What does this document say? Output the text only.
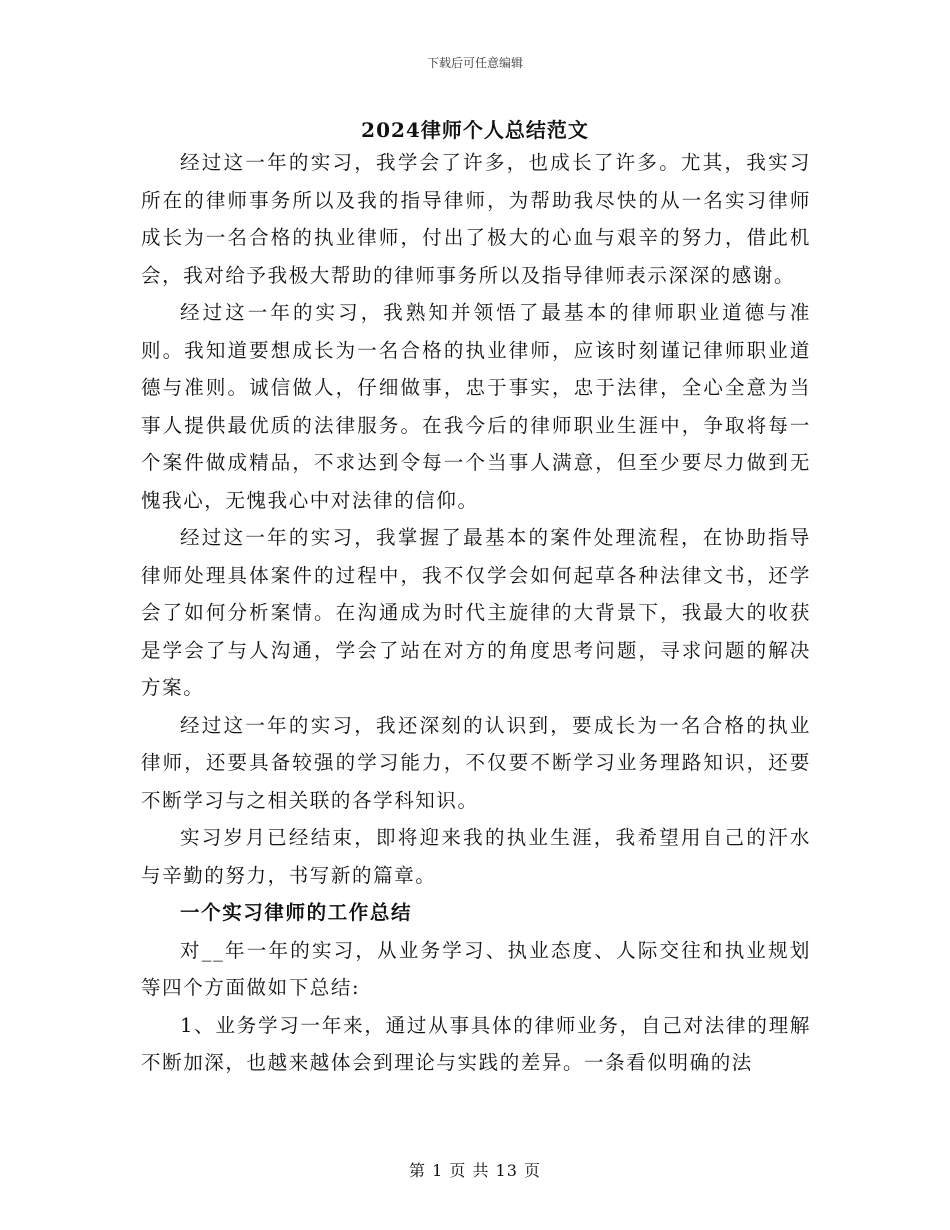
下载后可任意编辑
2024律师个人总结范文

经过这一年的实习，我学会了许多，也成长了许多。尤其，我实习所在的律师事务所以及我的指导律师，为帮助我尽快的从一名实习律师成长为一名合格的执业律师，付出了极大的心血与艰辛的努力，借此机会，我对给予我极大帮助的律师事务所以及指导律师表示深深的感谢。

经过这一年的实习，我熟知并领悟了最基本的律师职业道德与准则。我知道要想成长为一名合格的执业律师，应该时刻谨记律师职业道德与准则。诚信做人，仔细做事，忠于事实，忠于法律，全心全意为当事人提供最优质的法律服务。在我今后的律师职业生涯中，争取将每一个案件做成精品，不求达到令每一个当事人满意，但至少要尽力做到无愧我心，无愧我心中对法律的信仰。

经过这一年的实习，我掌握了最基本的案件处理流程，在协助指导律师处理具体案件的过程中，我不仅学会如何起草各种法律文书，还学会了如何分析案情。在沟通成为时代主旋律的大背景下，我最大的收获是学会了与人沟通，学会了站在对方的角度思考问题，寻求问题的解决方案。

经过这一年的实习，我还深刻的认识到，要成长为一名合格的执业律师，还要具备较强的学习能力，不仅要不断学习业务理路知识，还要不断学习与之相关联的各学科知识。

实习岁月已经结束，即将迎来我的执业生涯，我希望用自己的汗水与辛勤的努力，书写新的篇章。

一个实习律师的工作总结

对__年一年的实习，从业务学习、执业态度、人际交往和执业规划等四个方面做如下总结:

1、业务学习一年来，通过从事具体的律师业务，自己对法律的理解不断加深，也越来越体会到理论与实践的差异。一条看似明确的法

第 1 页 共 13 页
